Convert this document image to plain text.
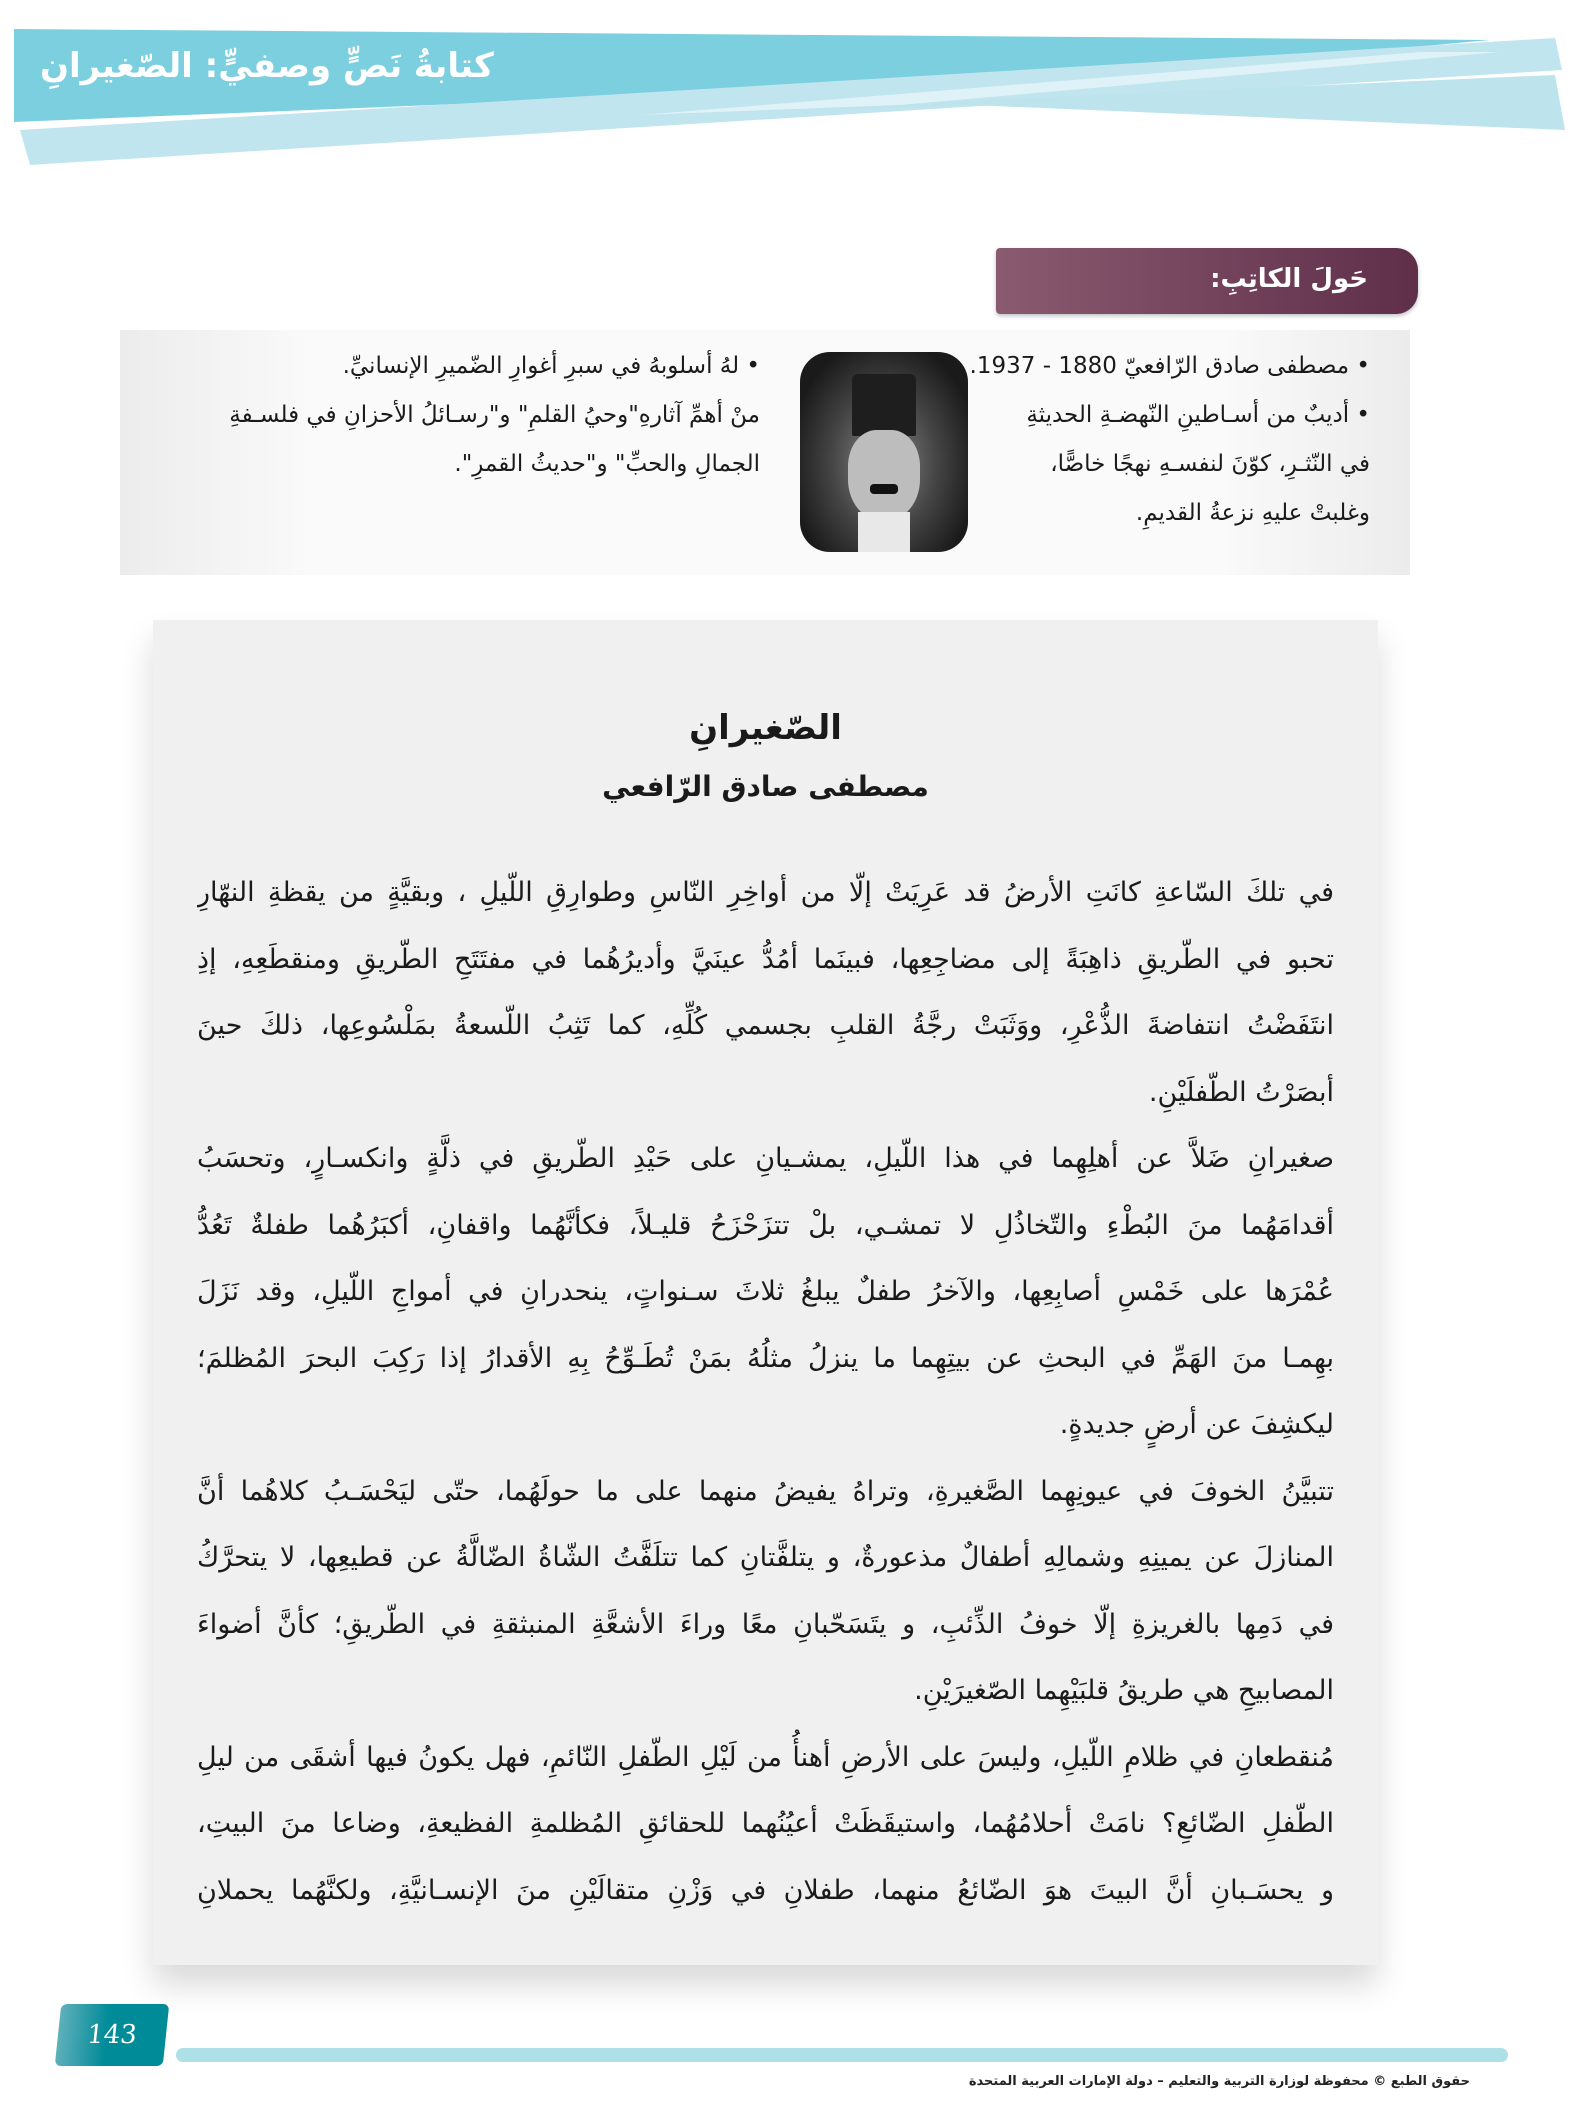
كتابةُ نَصٍّ وصفيٍّ: الصّغيرانِ
• مصطفى صادق الرّافعيّ 1880 - 1937.
• أديبٌ من أسـاطينِ النّهضـةِ الحديثةِ
في النّثـرِ، كوّنَ لنفسـهِ نهجًا خاصًّا،
وغلبتْ عليهِ نزعةُ القديمِ.
• لهُ أسلوبهُ في سبرِ أغوارِ الضّميرِ الإنسانيِّ.
منْ أهمِّ آثارهِ"وحيُ القلمِ" و"رسـائلُ الأحزانِ في فلسـفةِ
الجمالِ والحبِّ" و"حديثُ القمرِ".
حَولَ الكاتِبِ:
الصّغيرانِ
مصطفى صادق الرّافعي
في تلكَ السّاعةِ كانَتِ الأرضُ قد عَرِيَتْ إلّا من أواخِرِ النّاسِ وطوارِقِ اللّيلِ ، وبقيَّةٍ من يقظةِ النهّارِ
تحبو في الطّريقِ ذاهِبَةً إلى مضاجِعِها، فبينَما أمُدُّ عينَيَّ وأديرُهُما في مفتَتَحِ الطّريقِ ومنقطَعِهِ، إذِ
انتَفَضْتُ انتفاضةَ الذُّعْرِ، ووَثَبَتْ رجَّةُ القلبِ بجسمي كُلِّهِ، كما تَثِبُ اللّسعةُ بمَلْسُوعِها، ذلكَ حينَ
أبصَرْتُ الطّفلَيْنِ.
صغيرانِ ضَلاَّ عن أهلِهِما في هذا اللّيلِ، يمشـيانِ على حَيْدِ الطّريقِ في ذلَّةٍ وانكسـارٍ، وتحسَبُ
أقدامَهُما منَ البُطْءِ والتّخاذُلِ لا تمشـي، بلْ تتزَحْزَحُ قليـلاً، فكأنَّهُما واقفانِ، أكبَرُهُما طفلةٌ تَعُدُّ
عُمْرَها على خَمْسِ أصابِعِها، والآخرُ طفلٌ يبلغُ ثلاثَ سـنواتٍ، ينحدرانِ في أمواجِ اللّيلِ، وقد نَزَلَ
بهِمـا منَ الهَمِّ في البحثِ عن بيتِهِما ما ينزلُ مثلُهُ بمَنْ تُطَـوِّحُ بِهِ الأقدارُ إذا رَكِبَ البحرَ المُظلمَ؛
ليكشِفَ عن أرضٍ جديدةٍ.
تتبيَّنُ الخوفَ في عيونِهِما الصَّغيرةِ، وتراهُ يفيضُ منهما على ما حولَهُما، حتّى ليَحْسَـبُ كلاهُما أنَّ
المنازلَ عن يمينِهِ وشمالِهِ أطفالٌ مذعورةٌ، و يتلفَّتانِ كما تتلَفَّتُ الشّاةُ الضّالَّةُ عن قطيعِها، لا يتحرَّكُ
في دَمِها بالغريزةِ إلّا خوفُ الذِّئبِ، و يتَسَحّبانِ معًا وراءَ الأشعَّةِ المنبثقةِ في الطّريقِ؛ كأنَّ أضواءَ
المصابيحِ هي طريقُ قلبَيْهِما الصّغيرَيْنِ.
مُنقطعانِ في ظلامِ اللّيلِ، وليسَ على الأرضِ أهنأُ من لَيْلِ الطّفلِ النّائمِ، فهل يكونُ فيها أشقَى من ليلِ
الطّفلِ الضّائعِ؟ نامَتْ أحلامُهُما، واستيقَظَتْ أعيُنُهما للحقائقِ المُظلمةِ الفظيعةِ، وضاعا منَ البيتِ،
و يحسَـبانِ أنَّ البيتَ هوَ الضّائعُ منهما، طفلانِ في وَزْنِ متقالَيْنِ منَ الإنسـانيَّةِ، ولكنَّهُما يحملانِ
143
حقوق الطبع © محفوظة لوزارة التربية والتعليم – دولة الإمارات العربية المتحدة
